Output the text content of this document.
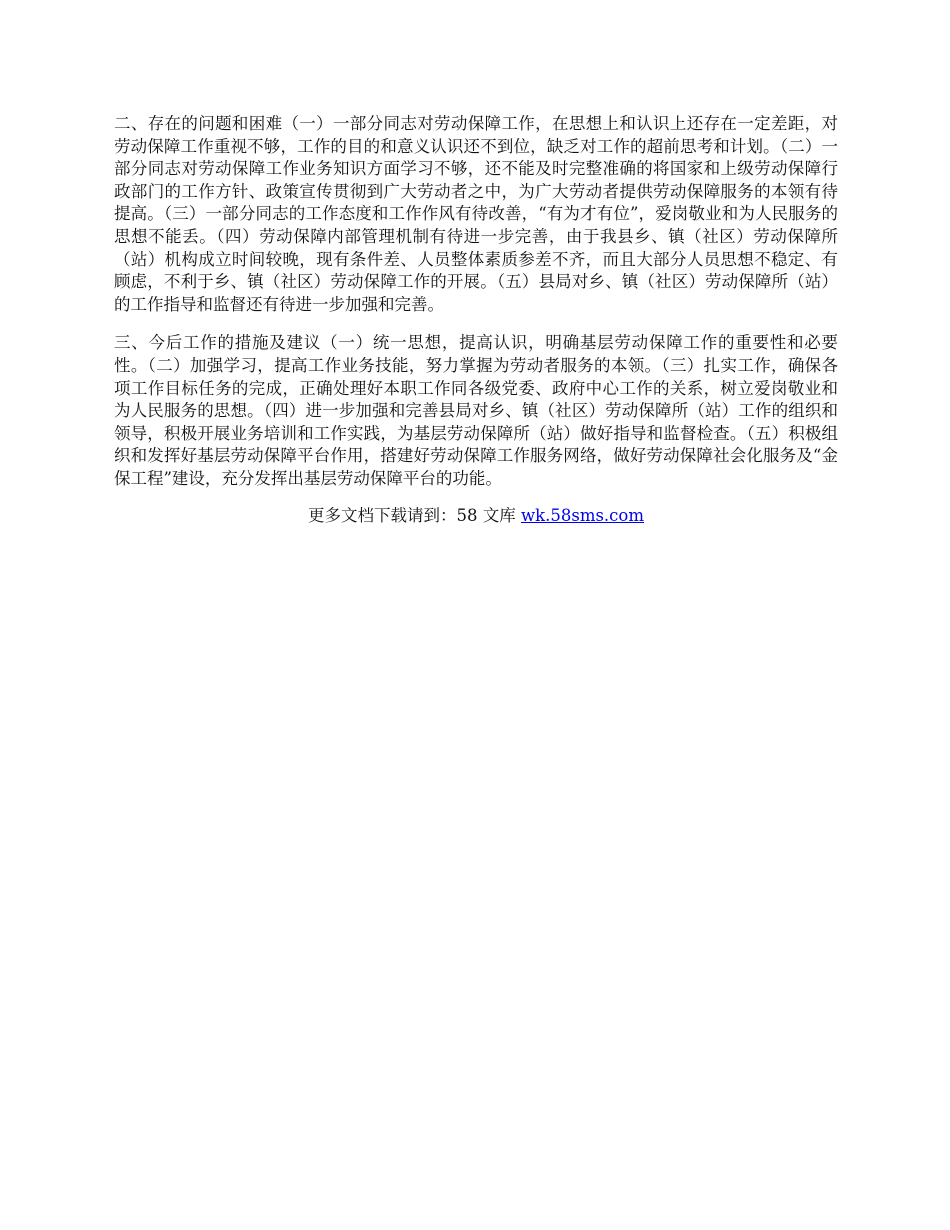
二、存在的问题和困难（一）一部分同志对劳动保障工作，在思想上和认识上还存在一定差距，对劳动保障工作重视不够，工作的目的和意义认识还不到位，缺乏对工作的超前思考和计划。（二）一部分同志对劳动保障工作业务知识方面学习不够，还不能及时完整准确的将国家和上级劳动保障行政部门的工作方针、政策宣传贯彻到广大劳动者之中，为广大劳动者提供劳动保障服务的本领有待提高。（三）一部分同志的工作态度和工作作风有待改善，“有为才有位”，爱岗敬业和为人民服务的思想不能丢。（四）劳动保障内部管理机制有待进一步完善，由于我县乡、镇（社区）劳动保障所（站）机构成立时间较晚，现有条件差、人员整体素质参差不齐，而且大部分人员思想不稳定、有顾虑，不利于乡、镇（社区）劳动保障工作的开展。（五）县局对乡、镇（社区）劳动保障所（站）的工作指导和监督还有待进一步加强和完善。

三、今后工作的措施及建议（一）统一思想，提高认识，明确基层劳动保障工作的重要性和必要性。（二）加强学习，提高工作业务技能，努力掌握为劳动者服务的本领。（三）扎实工作，确保各项工作目标任务的完成，正确处理好本职工作同各级党委、政府中心工作的关系，树立爱岗敬业和为人民服务的思想。（四）进一步加强和完善县局对乡、镇（社区）劳动保障所（站）工作的组织和领导，积极开展业务培训和工作实践，为基层劳动保障所（站）做好指导和监督检查。（五）积极组织和发挥好基层劳动保障平台作用，搭建好劳动保障工作服务网络，做好劳动保障社会化服务及“金保工程”建设，充分发挥出基层劳动保障平台的功能。

更多文档下载请到：58 文库 wk.58sms.com
